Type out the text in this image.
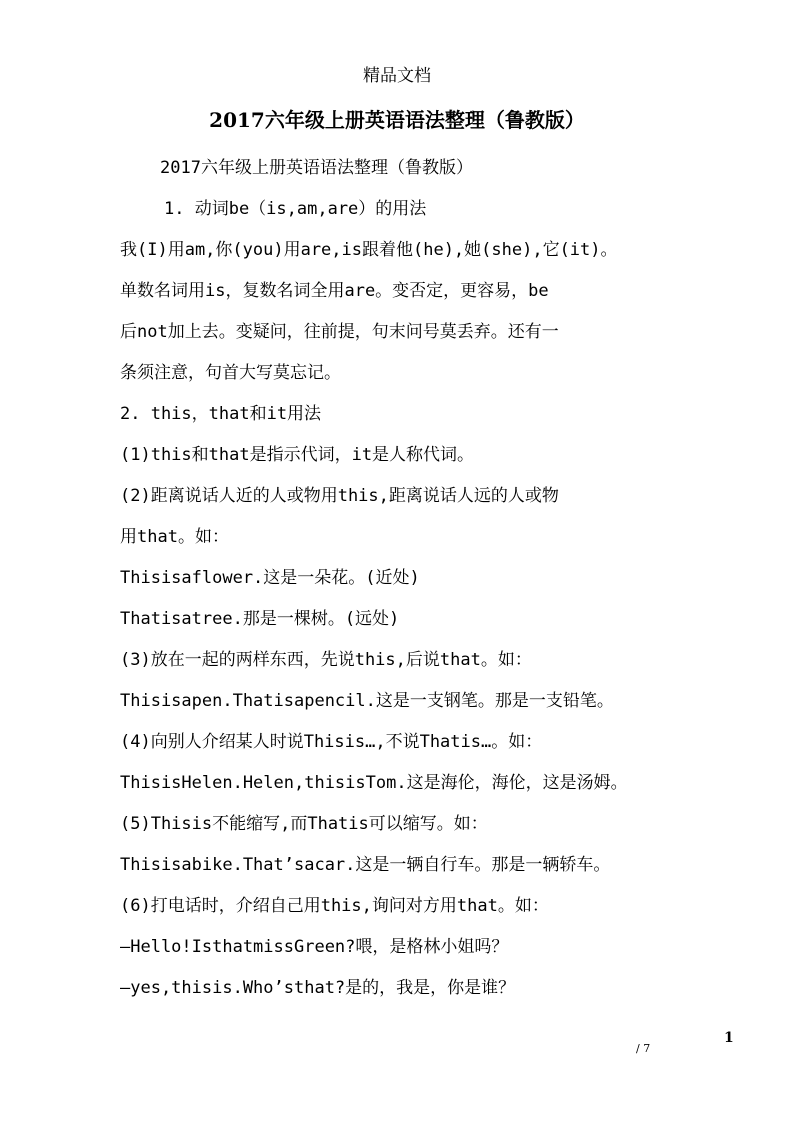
精品文档
2017六年级上册英语语法整理（鲁教版）

2017六年级上册英语语法整理（鲁教版）

1. 动词be（is,am,are）的用法

我(I)用am,你(you)用are,is跟着他(he),她(she),它(it)。

单数名词用is，复数名词全用are。变否定，更容易，be

后not加上去。变疑问，往前提，句末问号莫丢弃。还有一

条须注意，句首大写莫忘记。

2. this，that和it用法

(1)this和that是指示代词，it是人称代词。

(2)距离说话人近的人或物用this,距离说话人远的人或物

用that。如：

Thisisaflower.这是一朵花。(近处)

Thatisatree.那是一棵树。(远处)

(3)放在一起的两样东西，先说this,后说that。如：

Thisisapen.Thatisapencil.这是一支钢笔。那是一支铅笔。

(4)向别人介绍某人时说Thisis…,不说Thatis…。如：

ThisisHelen.Helen,thisisTom.这是海伦，海伦，这是汤姆。

(5)Thisis不能缩写,而Thatis可以缩写。如：

Thisisabike.That’sacar.这是一辆自行车。那是一辆轿车。

(6)打电话时，介绍自己用this,询问对方用that。如：

—Hello!IsthatmissGreen?喂，是格林小姐吗？

—yes,thisis.Who’sthat?是的，我是，你是谁？

1
/ 7
